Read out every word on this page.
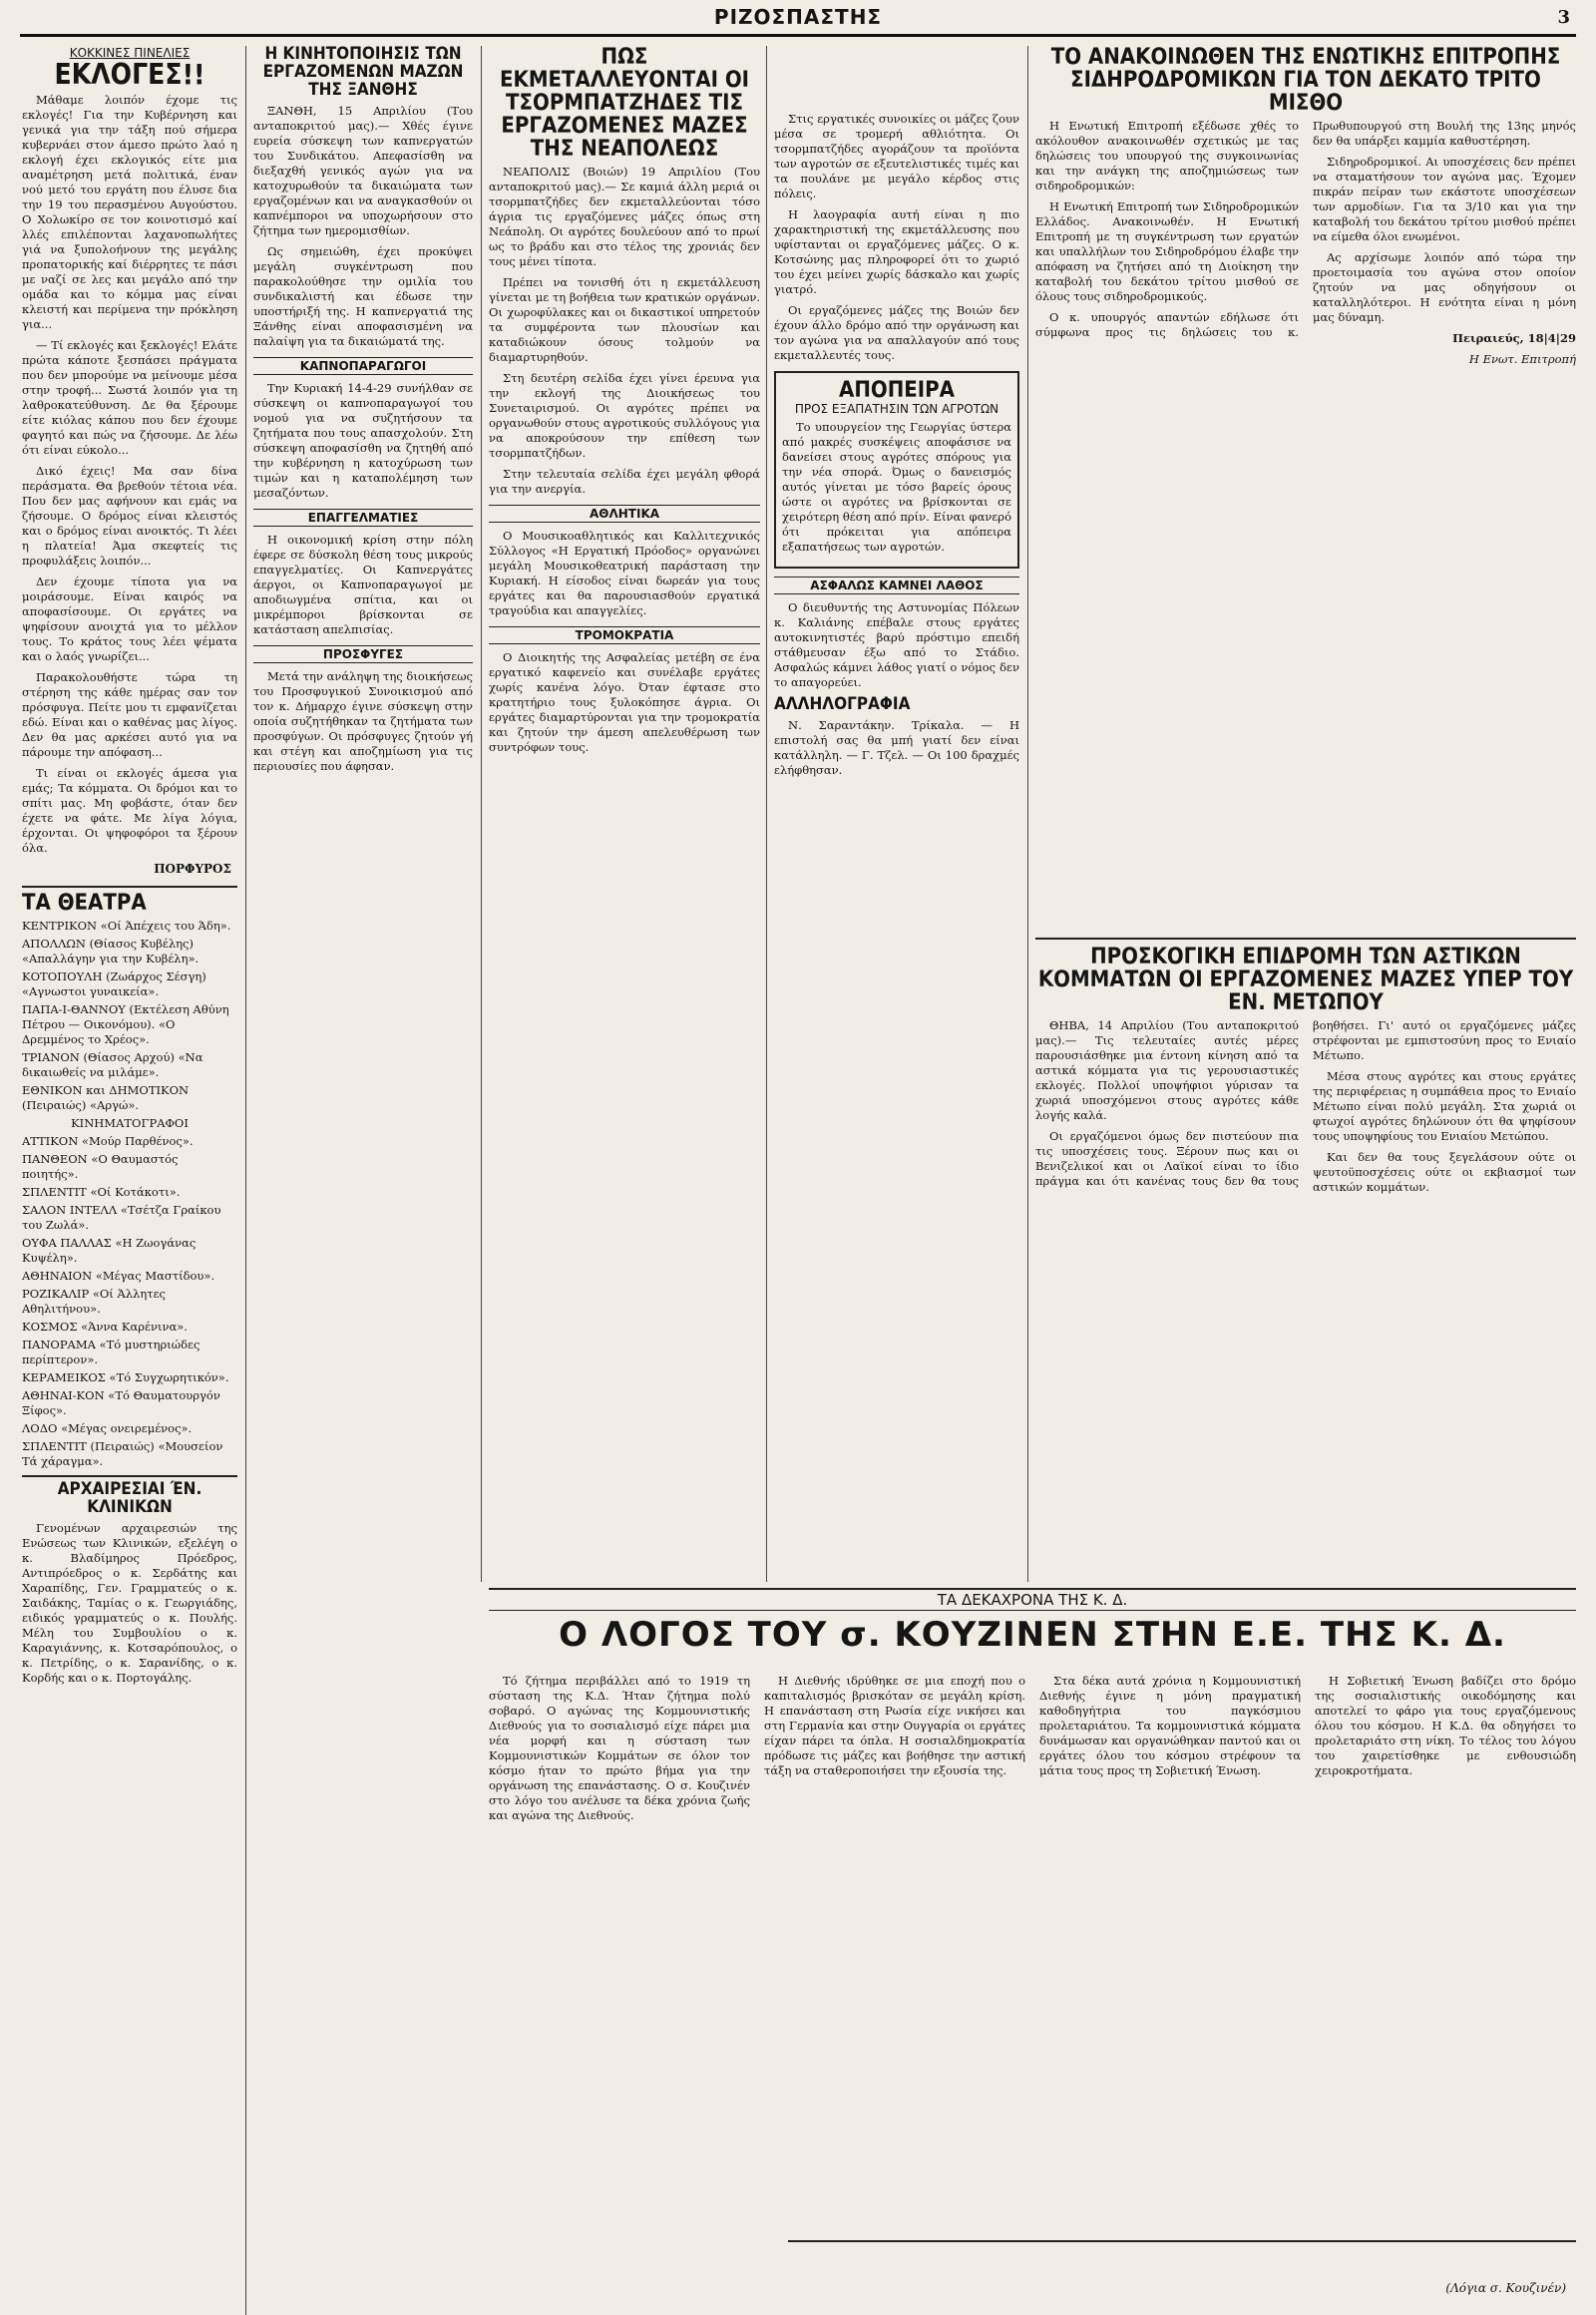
ΡΙΖΟΣΠΑΣΤΗΣ	3

ΚΟΚΚΙΝΕΣ ΠΙΝΕΛΙΕΣ

ΕΚΛΟΓΕΣ!!

Μάθαμε λοιπόν έχομε τις εκλογές! Για την Κυβέρνηση και γενικά για την τάξη πού σήμερα κυβερνάει στον άμεσο πρώτο λαό η εκλογή έχει εκλογικός είτε μια αναμέτρηση μετά πολιτικά, έναν νού μετό του εργάτη που έλυσε δια την 19 του περασμένου Αυγούστου. Ο Χολωκίρο σε τον κοινοτισμό καί λλές επιλέπονται λαχανοπωλήτες γιά να ξυπολοήνουν της μεγάλης προπατορικής καί διέρρητες τε πάσι με ναζί σε λες και μεγάλο από την ομάδα και το κόμμα μας είναι κλειστή και περίμενα την πρόκληση για...

— Τί εκλογές και ξεκλογές! Ελάτε πρώτα κάποτε ξεσπάσει πράγματα που δεν μπορούμε να μείνουμε μέσα στην τροφή... Σωστά λοιπόν για τη λαθροκατεύθυνση. Δε θα ξέρουμε είτε κιόλας κάπου που δεν έχουμε φαγητό και πώς να ζήσουμε. Δε λέω ότι είναι εύκολο...

Δικό έχεις! Μα σαν δίνα περάσματα. Θα βρεθούν τέτοια νέα. Που δεν μας αφήνουν και εμάς να ζήσουμε. Ο δρόμος είναι κλειστός και ο δρόμος είναι ανοικτός. Τι λέει η πλατεία! Άμα σκεφτείς τις προφυλάξεις λοιπόν...

Δεν έχουμε τίποτα για να μοιράσουμε. Είναι καιρός να αποφασίσουμε. Οι εργάτες να ψηφίσουν ανοιχτά για το μέλλον τους. Το κράτος τους λέει ψέματα και ο λαός γνωρίζει...

Παρακολουθήστε τώρα τη στέρηση της κάθε ημέρας σαν τον πρόσφυγα. Πείτε μου τι εμφανίζεται εδώ. Είναι και ο καθένας μας λίγος. Δεν θα μας αρκέσει αυτό για να πάρουμε την απόφαση...

Τι είναι οι εκλογές άμεσα για εμάς; Τα κόμματα. Οι δρόμοι και το σπίτι μας. Μη φοβάστε, όταν δεν έχετε να φάτε. Με λίγα λόγια, έρχονται. Οι ψηφοφόροι τα ξέρουν όλα.

ΠΟΡΦΥΡΟΣ
ΤΑ ΘΕΑΤΡΑ

ΚΕΝΤΡΙΚΟΝ «Οί Άπέχεις του Άδη».

ΑΠΟΛΛΩΝ (Θίασος Κυβέλης) «Απαλλάγην για την Κυβέλη».

ΚΟΤΟΠΟΥΛΗ (Ζωάρχος Σέσγη) «Αγνωστοι γυναικεία».

ΠΑΠΑ-Ι-ΘΑΝΝΟΥ (Εκτέλεση Αθύνη Πέτρου — Οικονόμου). «Ο Δρεμμένος το Χρέος».

ΤΡΙΑΝΟΝ (Θίασος Αρχού) «Να δικαιωθείς να μιλάμε».

ΕΘΝΙΚΟΝ και ΔΗΜΟΤΙΚΟΝ (Πειραιώς) «Αργώ».

ΚΙΝΗΜΑΤΟΓΡΑΦΟΙ

ΑΤΤΙΚΟΝ «Μούρ Παρθένος».

ΠΑΝΘΕΟΝ «Ο Θαυμαστός ποιητής».

ΣΠΛΕΝΤΙΤ «Οί Κοτάκοτι».

ΣΑΛΟΝ ΙΝΤΕΛΛ «Τσέτζα Γραίκου του Ζωλά».

ΟΥΦΑ ΠΑΛΛΑΣ «Η Ζωογάνας Κυψέλη».

ΑΘΗΝΑΙΟΝ «Μέγας Μαστίδου».

ΡΟΖΙΚΑΛΙΡ «Οί Άλλητες Αθηλιτήνου».

ΚΟΣΜΟΣ «Άννα Καρένινα».

ΠΑΝΟΡΑΜΑ «Τό μυστηριώδες περίπτερον».

ΚΕΡΑΜΕΙΚΟΣ «Τό Συγχωρητικόν».

ΑΘΗΝΑΙ-ΚΟΝ «Τό Θαυματουργόν Ξίφος».

ΛΟΔΟ «Μέγας ονειρεμένος».

ΣΠΛΕΝΤΙΤ (Πειραιώς) «Μουσείον Τά χάραγμα».

ΑΡΧΑΙΡΕΣΙΑΙ ΈΝ. ΚΛΙΝΙΚΩΝ

Γενομένων αρχαιρεσιών της Ενώσεως των Κλινικών, εξελέγη ο κ. Βλαδίμηρος Πρόεδρος, Αντιπρόεδρος ο κ. Σερδάτης και Χαραπίδης, Γεν. Γραμματεύς ο κ. Σαιδάκης, Ταμίας ο κ. Γεωργιάδης, ειδικός γραμματεύς ο κ. Πουλής. Μέλη του Συμβουλίου ο κ. Καραγιάννης, κ. Κοτσαρόπουλος, ο κ. Πετρίδης, ο κ. Σαρανίδης, ο κ. Κορδής και ο κ. Πορτογάλης.

Η ΚΙΝΗΤΟΠΟΙΗΣΙΣ ΤΩΝ ΕΡΓΑΖΟΜΕΝΩΝ ΜΑΖΩΝ ΤΗΣ ΞΑΝΘΗΣ

ΞΑΝΘΗ, 15 Απριλίου (Του ανταποκριτού μας).— Χθές έγινε ευρεία σύσκεψη των καπνεργατών του Συνδικάτου. Απεφασίσθη να διεξαχθή γενικός αγών για να κατοχυρωθούν τα δικαιώματα των εργαζομένων και να αναγκασθούν οι καπνέμποροι να υποχωρήσουν στο ζήτημα των ημερομισθίων.

Ως σημειώθη, έχει προκύψει μεγάλη συγκέντρωση που παρακολούθησε την ομιλία του συνδικαλιστή και έδωσε την υποστήριξή της. Η καπνεργατιά της Ξάνθης είναι αποφασισμένη να παλαίψη για τα δικαιώματά της.

ΚΑΠΝΟΠΑΡΑΓΩΓΟΙ

Την Κυριακή 14-4-29 συνήλθαν σε σύσκεψη οι καπνοπαραγωγοί του νομού για να συζητήσουν τα ζητήματα που τους απασχολούν. Στη σύσκεψη αποφασίσθη να ζητηθή από την κυβέρνηση η κατοχύρωση των τιμών και η καταπολέμηση των μεσαζόντων.

ΕΠΑΓΓΕΛΜΑΤΙΕΣ

Η οικονομική κρίση στην πόλη έφερε σε δύσκολη θέση τους μικρούς επαγγελματίες. Οι Καπνεργάτες άεργοι, οι Καπνοπαραγωγοί με αποδιωγμένα σπίτια, και οι μικρέμποροι βρίσκονται σε κατάσταση απελπισίας.

ΠΡΟΣΦΥΓΕΣ

Μετά την ανάληψη της διοικήσεως του Προσφυγικού Συνοικισμού από τον κ. Δήμαρχο έγινε σύσκεψη στην οποία συζητήθηκαν τα ζητήματα των προσφύγων. Οι πρόσφυγες ζητούν γή και στέγη και αποζημίωση για τις περιουσίες που άφησαν.

ΠΩΣ ΕΚΜΕΤΑΛΛΕΥΟΝΤΑΙ ΟΙ ΤΣΟΡΜΠΑΤΖΗΔΕΣ ΤΙΣ ΕΡΓΑΖΟΜΕΝΕΣ ΜΑΖΕΣ ΤΗΣ ΝΕΑΠΟΛΕΩΣ

ΝΕΑΠΟΛΙΣ (Βοιών) 19 Απριλίου (Του ανταποκριτού μας).— Σε καμιά άλλη μεριά οι τσορμπατζήδες δεν εκμεταλλεύονται τόσο άγρια τις εργαζόμενες μάζες όπως στη Νεάπολη. Οι αγρότες δουλεύουν από το πρωί ως το βράδυ και στο τέλος της χρονιάς δεν τους μένει τίποτα.

Πρέπει να τονισθή ότι η εκμετάλλευση γίνεται με τη βοήθεια των κρατικών οργάνων. Οι χωροφύλακες και οι δικαστικοί υπηρετούν τα συμφέροντα των πλουσίων και καταδιώκουν όσους τολμούν να διαμαρτυρηθούν.

Στη δευτέρη σελίδα έχει γίνει έρευνα για την εκλογή της Διοικήσεως του Συνεταιρισμού. Οι αγρότες πρέπει να οργανωθούν στους αγροτικούς συλλόγους για να αποκρούσουν την επίθεση των τσορμπατζήδων.

Στην τελευταία σελίδα έχει μεγάλη φθορά για την ανεργία.

ΑΘΛΗΤΙΚΑ

Ο Μουσικοαθλητικός και Καλλιτεχνικός Σύλλογος «Η Εργατική Πρόοδος» οργανώνει μεγάλη Μουσικοθεατρική παράσταση την Κυριακή. Η είσοδος είναι δωρεάν για τους εργάτες και θα παρουσιασθούν εργατικά τραγούδια και απαγγελίες.

ΤΡΟΜΟΚΡΑΤΙΑ

Ο Διοικητής της Ασφαλείας μετέβη σε ένα εργατικό καφενείο και συνέλαβε εργάτες χωρίς κανένα λόγο. Όταν έφτασε στο κρατητήριο τους ξυλοκόπησε άγρια. Οι εργάτες διαμαρτύρονται για την τρομοκρατία και ζητούν την άμεση απελευθέρωση των συντρόφων τους.

Στις εργατικές συνοικίες οι μάζες ζουν μέσα σε τρομερή αθλιότητα. Οι τσορμπατζήδες αγοράζουν τα προϊόντα των αγροτών σε εξευτελιστικές τιμές και τα πουλάνε με μεγάλο κέρδος στις πόλεις.

Η λαογραφία αυτή είναι η πιο χαρακτηριστική της εκμετάλλευσης που υφίστανται οι εργαζόμενες μάζες. Ο κ. Κοτσώνης μας πληροφορεί ότι το χωριό του έχει μείνει χωρίς δάσκαλο και χωρίς γιατρό.

Οι εργαζόμενες μάζες της Βοιών δεν έχουν άλλο δρόμο από την οργάνωση και τον αγώνα για να απαλλαγούν από τους εκμεταλλευτές τους.

ΑΠΟΠΕΙΡΑ

ΠΡΟΣ ΕΞΑΠΑΤΗΣΙΝ ΤΩΝ ΑΓΡΟΤΩΝ

Το υπουργείον της Γεωργίας ύστερα από μακρές συσκέψεις αποφάσισε να δανείσει στους αγρότες σπόρους για την νέα σπορά. Όμως ο δανεισμός αυτός γίνεται με τόσο βαρείς όρους ώστε οι αγρότες να βρίσκονται σε χειρότερη θέση από πρίν. Είναι φανερό ότι πρόκειται για απόπειρα εξαπατήσεως των αγροτών.

ΑΣΦΑΛΩΣ ΚΑΜΝΕΙ ΛΑΘΟΣ

Ο διευθυντής της Αστυνομίας Πόλεων κ. Καλιάνης επέβαλε στους εργάτες αυτοκινητιστές βαρύ πρόστιμο επειδή στάθμευσαν έξω από το Στάδιο. Ασφαλώς κάμνει λάθος γιατί ο νόμος δεν το απαγορεύει.

ΑΛΛΗΛΟΓΡΑΦΙΑ

Ν. Σαραντάκην. Τρίκαλα. — Η επιστολή σας θα μπή γιατί δεν είναι κατάλληλη. — Γ. Τζελ. — Οι 100 δραχμές ελήφθησαν.

ΤΟ ΑΝΑΚΟΙΝΩΘΕΝ ΤΗΣ ΕΝΩΤΙΚΗΣ ΕΠΙΤΡΟΠΗΣ ΣΙΔΗΡΟΔΡΟΜΙΚΩΝ ΓΙΑ ΤΟΝ ΔΕΚΑΤΟ ΤΡΙΤΟ ΜΙΣΘΟ

Η Ενωτική Επιτροπή εξέδωσε χθές το ακόλουθον ανακοινωθέν σχετικώς με τας δηλώσεις του υπουργού της συγκοινωνίας και την ανάγκη της αποζημιώσεως των σιδηροδρομικών:

Η Ενωτική Επιτροπή των Σιδηροδρομικών Ελλάδος. Ανακοινωθέν. Η Ενωτική Επιτροπή με τη συγκέντρωση των εργατών και υπαλλήλων του Σιδηροδρόμου έλαβε την απόφαση να ζητήσει από τη Διοίκηση την καταβολή του δεκάτου τρίτου μισθού σε όλους τους σιδηροδρομικούς.

Ο κ. υπουργός απαντών εδήλωσε ότι σύμφωνα προς τις δηλώσεις του κ. Πρωθυπουργού στη Βουλή της 13ης μηνός δεν θα υπάρξει καμμία καθυστέρηση.

Σιδηροδρομικοί. Αι υποσχέσεις δεν πρέπει να σταματήσουν τον αγώνα μας. Έχομεν πικράν πείραν των εκάστοτε υποσχέσεων των αρμοδίων. Για τα 3/10 και για την καταβολή του δεκάτου τρίτου μισθού πρέπει να είμεθα όλοι ενωμένοι.

Ας αρχίσωμε λοιπόν από τώρα την προετοιμασία του αγώνα στον οποίον ζητούν να μας οδηγήσουν οι καταλληλότεροι. Η ενότητα είναι η μόνη μας δύναμη.

Πειραιεύς, 18|4|29

Η Ενωτ. Επιτροπή

ΠΡΟΣΚΟΓΙΚΗ ΕΠΙΔΡΟΜΗ ΤΩΝ ΑΣΤΙΚΩΝ ΚΟΜΜΑΤΩΝ ΟΙ ΕΡΓΑΖΟΜΕΝΕΣ ΜΑΖΕΣ ΥΠΕΡ ΤΟΥ ΕΝ. ΜΕΤΩΠΟΥ

ΘΗΒΑ, 14 Απριλίου (Του ανταποκριτού μας).— Τις τελευταίες αυτές μέρες παρουσιάσθηκε μια έντονη κίνηση από τα αστικά κόμματα για τις γερουσιαστικές εκλογές. Πολλοί υποψήφιοι γύρισαν τα χωριά υποσχόμενοι στους αγρότες κάθε λογής καλά.

Οι εργαζόμενοι όμως δεν πιστεύουν πια τις υποσχέσεις τους. Ξέρουν πως και οι Βενιζελικοί και οι Λαϊκοί είναι το ίδιο πράγμα και ότι κανένας τους δεν θα τους βοηθήσει. Γι' αυτό οι εργαζόμενες μάζες στρέφονται με εμπιστοσύνη προς το Ενιαίο Μέτωπο.

Μέσα στους αγρότες και στους εργάτες της περιφέρειας η συμπάθεια προς το Ενιαίο Μέτωπο είναι πολύ μεγάλη. Στα χωριά οι φτωχοί αγρότες δηλώνουν ότι θα ψηφίσουν τους υποψηφίους του Ενιαίου Μετώπου.

Και δεν θα τους ξεγελάσουν ούτε οι ψευτοϋποσχέσεις ούτε οι εκβιασμοί των αστικών κομμάτων.

ΤΑ ΔΕΚΑΧΡΟΝΑ ΤΗΣ Κ. Δ.

Ο ΛΟΓΟΣ ΤΟΥ σ. ΚΟΥΖΙΝΕΝ ΣΤΗΝ Ε.Ε. ΤΗΣ Κ. Δ.

Τό ζήτημα περιβάλλει από το 1919 τη σύσταση της Κ.Δ. Ήταν ζήτημα πολύ σοβαρό. Ο αγώνας της Κομμουνιστικής Διεθνούς για το σοσιαλισμό είχε πάρει μια νέα μορφή και η σύσταση των Κομμουνιστικών Κομμάτων σε όλον τον κόσμο ήταν το πρώτο βήμα για την οργάνωση της επανάστασης. Ο σ. Κουζινέν στο λόγο του ανέλυσε τα δέκα χρόνια ζωής και αγώνα της Διεθνούς.

Η Διεθνής ιδρύθηκε σε μια εποχή που ο καπιταλισμός βρισκόταν σε μεγάλη κρίση. Η επανάσταση στη Ρωσία είχε νικήσει και στη Γερμανία και στην Ουγγαρία οι εργάτες είχαν πάρει τα όπλα. Η σοσιαλδημοκρατία πρόδωσε τις μάζες και βοήθησε την αστική τάξη να σταθεροποιήσει την εξουσία της.

Στα δέκα αυτά χρόνια η Κομμουνιστική Διεθνής έγινε η μόνη πραγματική καθοδηγήτρια του παγκόσμιου προλεταριάτου. Τα κομμουνιστικά κόμματα δυνάμωσαν και οργανώθηκαν παντού και οι εργάτες όλου του κόσμου στρέφουν τα μάτια τους προς τη Σοβιετική Ένωση.

Η Σοβιετική Ένωση βαδίζει στο δρόμο της σοσιαλιστικής οικοδόμησης και αποτελεί το φάρο για τους εργαζόμενους όλου του κόσμου. Η Κ.Δ. θα οδηγήσει το προλεταριάτο στη νίκη. Το τέλος του λόγου του χαιρετίσθηκε με ενθουσιώδη χειροκροτήματα.

(Λόγια σ. Κουζινέν)
